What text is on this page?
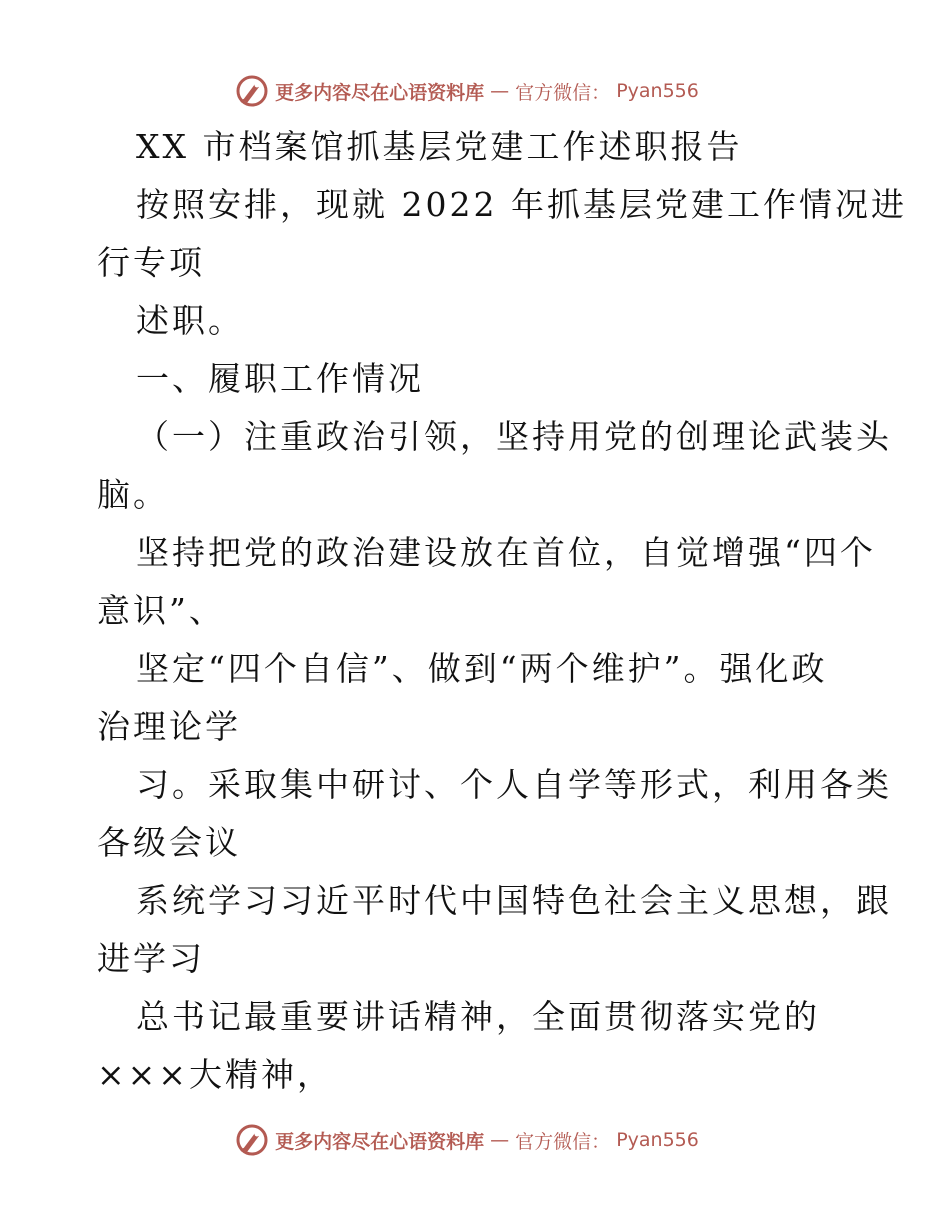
更多内容尽在心语资料库 — 官方微信： Pyan556
XX 市档案馆抓基层党建工作述职报告
按照安排，现就 2022 年抓基层党建工作情况进
行专项
述职。
一、履职工作情况
（一）注重政治引领，坚持用党的创理论武装头
脑。
坚持把党的政治建设放在首位，自觉增强“四个
意识”、
坚定“四个自信”、做到“两个维护”。强化政
治理论学
习。采取集中研讨、个人自学等形式，利用各类
各级会议
系统学习习近平时代中国特色社会主义思想，跟
进学习
总书记最重要讲话精神，全面贯彻落实党的
×××大精神，
更多内容尽在心语资料库 — 官方微信： Pyan556
